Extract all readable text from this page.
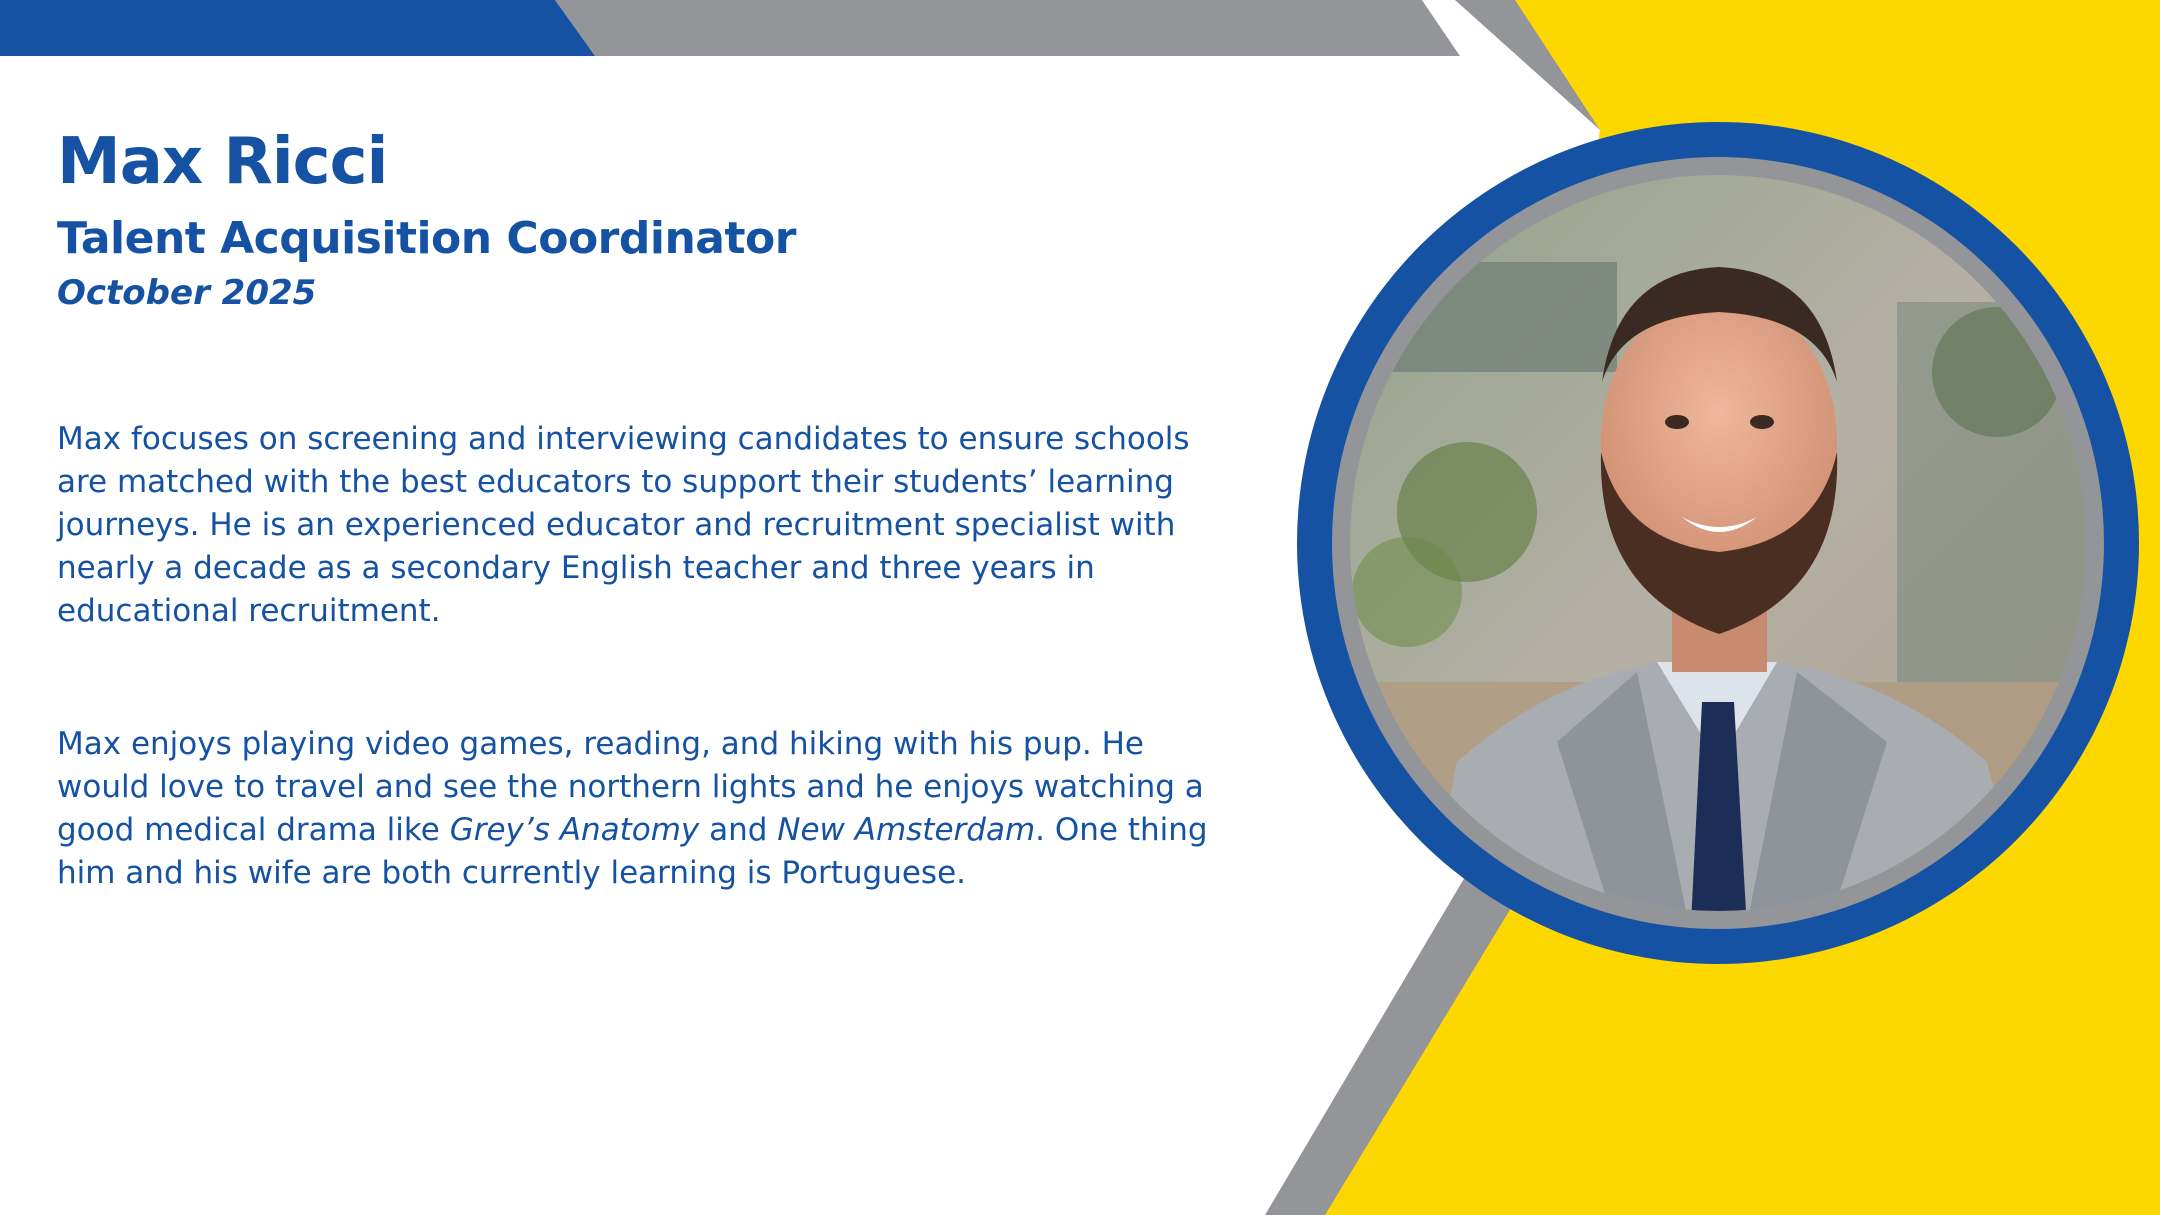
Max Ricci
Talent Acquisition Coordinator

October 2025

Max focuses on screening and interviewing candidates to ensure schools are matched with the best educators to support their students’ learning journeys. He is an experienced educator and recruitment specialist with nearly a decade as a secondary English teacher and three years in educational recruitment.

Max enjoys playing video games, reading, and hiking with his pup. He would love to travel and see the northern lights and he enjoys watching a good medical drama like Grey’s Anatomy and New Amsterdam. One thing him and his wife are both currently learning is Portuguese.
